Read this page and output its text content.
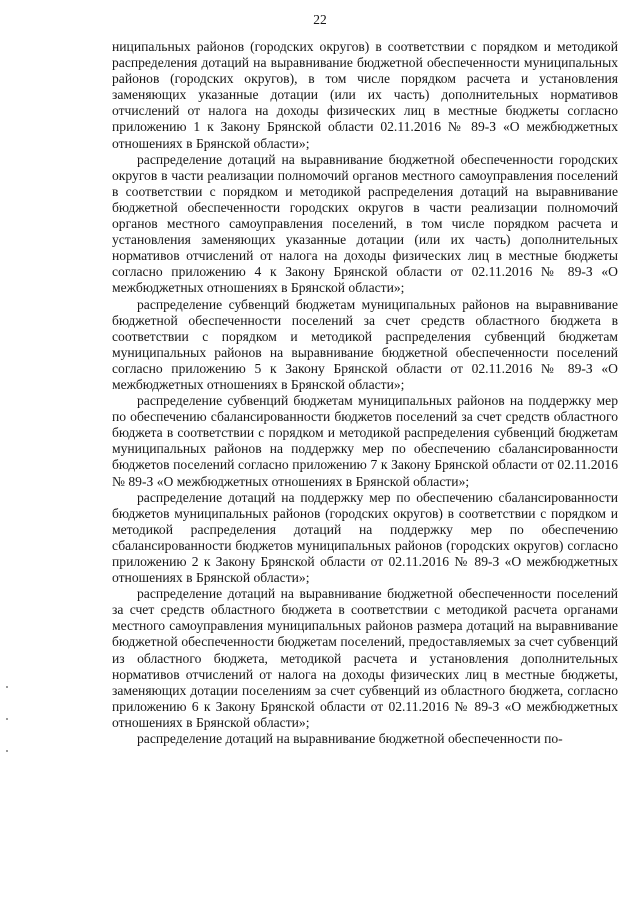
22

ниципальных районов (городских округов) в соответствии с порядком и методикой распределения дотаций на выравнивание бюджетной обеспеченности муниципальных районов (городских округов), в том числе порядком расчета и установления заменяющих указанные дотации (или их часть) дополнительных нормативов отчислений от налога на доходы физических лиц в местные бюджеты согласно приложению 1 к Закону Брянской области 02.11.2016 № 89-З «О межбюджетных отношениях в Брянской области»;

распределение дотаций на выравнивание бюджетной обеспеченности городских округов в части реализации полномочий органов местного самоуправления поселений в соответствии с порядком и методикой распределения дотаций на выравнивание бюджетной обеспеченности городских округов в части реализации полномочий органов местного самоуправления поселений, в том числе порядком расчета и установления заменяющих указанные дотации (или их часть) дополнительных нормативов отчислений от налога на доходы физических лиц в местные бюджеты согласно приложению 4 к Закону Брянской области от 02.11.2016 № 89-З «О межбюджетных отношениях в Брянской области»;

распределение субвенций бюджетам муниципальных районов на выравнивание бюджетной обеспеченности поселений за счет средств областного бюджета в соответствии с порядком и методикой распределения субвенций бюджетам муниципальных районов на выравнивание бюджетной обеспеченности поселений согласно приложению 5 к Закону Брянской области от 02.11.2016 № 89-З «О межбюджетных отношениях в Брянской области»;

распределение субвенций бюджетам муниципальных районов на поддержку мер по обеспечению сбалансированности бюджетов поселений за счет средств областного бюджета в соответствии с порядком и методикой распределения субвенций бюджетам муниципальных районов на поддержку мер по обеспечению сбалансированности бюджетов поселений согласно приложению 7 к Закону Брянской области от 02.11.2016 № 89-З «О межбюджетных отношениях в Брянской области»;

распределение дотаций на поддержку мер по обеспечению сбалансированности бюджетов муниципальных районов (городских округов) в соответствии с порядком и методикой распределения дотаций на поддержку мер по обеспечению сбалансированности бюджетов муниципальных районов (городских округов) согласно приложению 2 к Закону Брянской области от 02.11.2016 № 89-З «О межбюджетных отношениях в Брянской области»;

распределение дотаций на выравнивание бюджетной обеспеченности поселений за счет средств областного бюджета в соответствии с методикой расчета органами местного самоуправления муниципальных районов размера дотаций на выравнивание бюджетной обеспеченности бюджетам поселений, предоставляемых за счет субвенций из областного бюджета, методикой расчета и установления дополнительных нормативов отчислений от налога на доходы физических лиц в местные бюджеты, заменяющих дотации поселениям за счет субвенций из областного бюджета, согласно приложению 6 к Закону Брянской области от 02.11.2016 № 89-З «О межбюджетных отношениях в Брянской области»;

распределение дотаций на выравнивание бюджетной обеспеченности по-
